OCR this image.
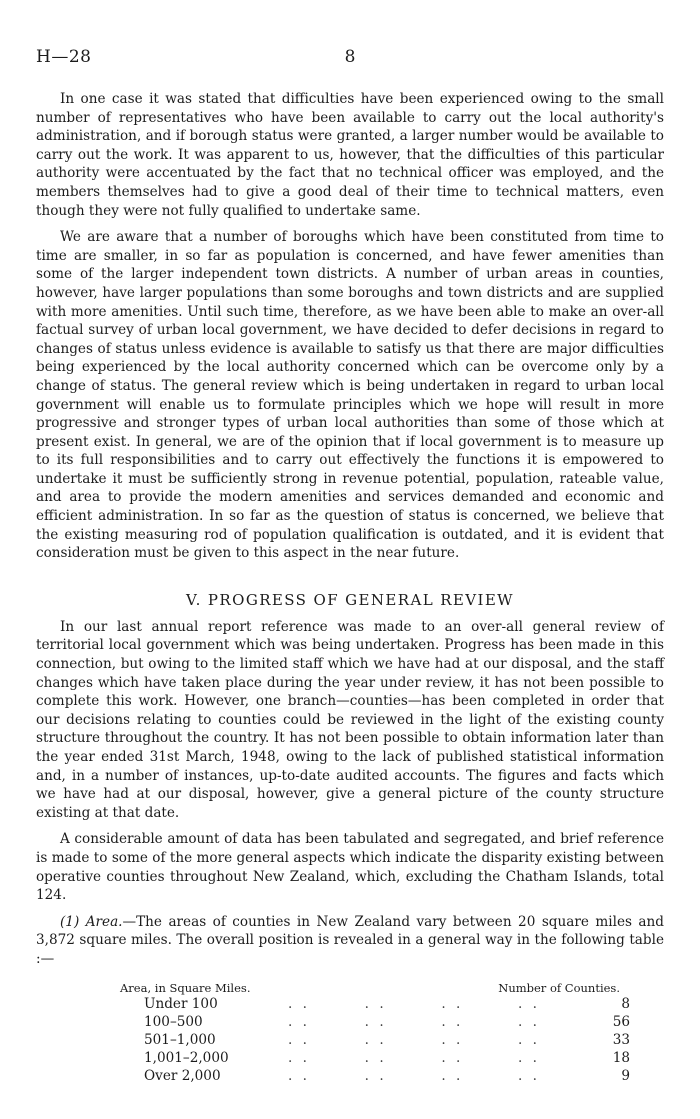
H—28	8

In one case it was stated that difficulties have been experienced owing to the small number of representatives who have been available to carry out the local authority's administration, and if borough status were granted, a larger number would be available to carry out the work. It was apparent to us, however, that the difficulties of this particular authority were accentuated by the fact that no technical officer was employed, and the members themselves had to give a good deal of their time to technical matters, even though they were not fully qualified to undertake same.

We are aware that a number of boroughs which have been constituted from time to time are smaller, in so far as population is concerned, and have fewer amenities than some of the larger independent town districts. A number of urban areas in counties, however, have larger populations than some boroughs and town districts and are supplied with more amenities. Until such time, therefore, as we have been able to make an over-all factual survey of urban local government, we have decided to defer decisions in regard to changes of status unless evidence is available to satisfy us that there are major difficulties being experienced by the local authority concerned which can be overcome only by a change of status. The general review which is being undertaken in regard to urban local government will enable us to formulate principles which we hope will result in more progressive and stronger types of urban local authorities than some of those which at present exist. In general, we are of the opinion that if local government is to measure up to its full responsibilities and to carry out effectively the functions it is empowered to undertake it must be sufficiently strong in revenue potential, population, rateable value, and area to provide the modern amenities and services demanded and economic and efficient administration. In so far as the question of status is concerned, we believe that the existing measuring rod of population qualification is outdated, and it is evident that consideration must be given to this aspect in the near future.

V. PROGRESS OF GENERAL REVIEW

In our last annual report reference was made to an over-all general review of territorial local government which was being undertaken. Progress has been made in this connection, but owing to the limited staff which we have had at our disposal, and the staff changes which have taken place during the year under review, it has not been possible to complete this work. However, one branch—counties—has been completed in order that our decisions relating to counties could be reviewed in the light of the existing county structure throughout the country. It has not been possible to obtain information later than the year ended 31st March, 1948, owing to the lack of published statistical information and, in a number of instances, up-to-date audited accounts. The figures and facts which we have had at our disposal, however, give a general picture of the county structure existing at that date.

A considerable amount of data has been tabulated and segregated, and brief reference is made to some of the more general aspects which indicate the disparity existing between operative counties throughout New Zealand, which, excluding the Chatham Islands, total 124.

(1) Area.—The areas of counties in New Zealand vary between 20 square miles and 3,872 square miles. The overall position is revealed in a general way in the following table :—

Area, in Square Miles.	Number of Counties.
Under 100	. .	. .	. .	. .	8
100–500	. .	. .	. .	. .	56
501–1,000	. .	. .	. .	. .	33
1,001–2,000	. .	. .	. .	. .	18
Over 2,000	. .	. .	. .	. .	9
